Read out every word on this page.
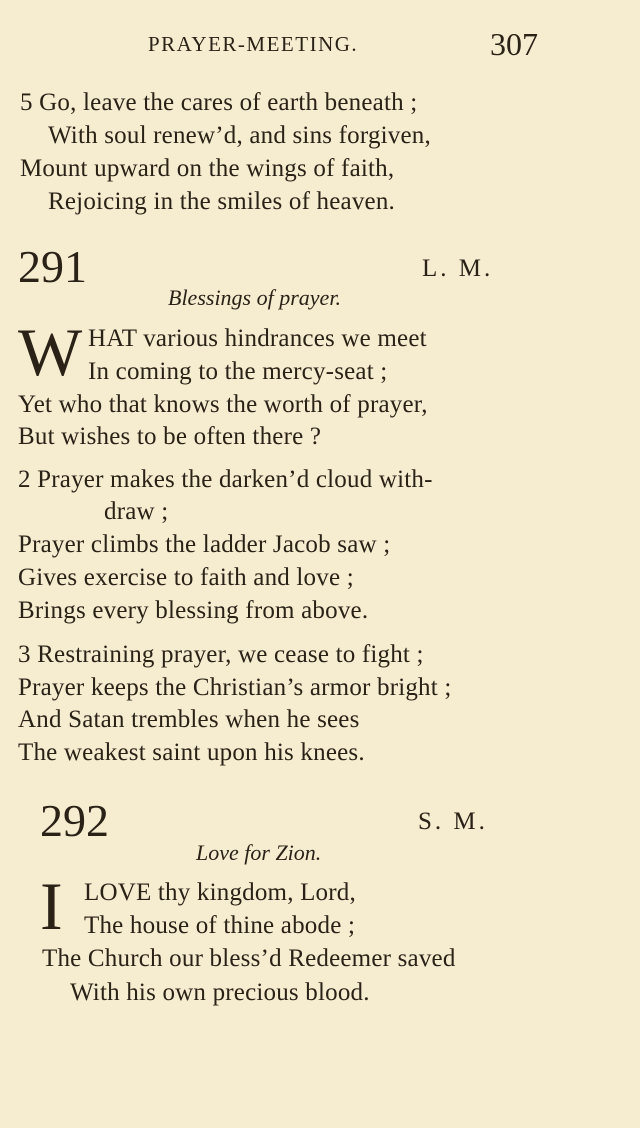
PRAYER-MEETING.	307
5 Go, leave the cares of earth beneath ;
With soul renew’d, and sins forgiven,
Mount upward on the wings of faith,
Rejoicing in the smiles of heaven.
291	L. M.
Blessings of prayer.
W HAT various hindrances we meet
In coming to the mercy-seat ;
Yet who that knows the worth of prayer,
But wishes to be often there ?
2 Prayer makes the darken’d cloud with-
draw ;
Prayer climbs the ladder Jacob saw ;
Gives exercise to faith and love ;
Brings every blessing from above.
3 Restraining prayer, we cease to fight ;
Prayer keeps the Christian’s armor bright ;
And Satan trembles when he sees
The weakest saint upon his knees.
292	S. M.
Love for Zion.
I LOVE thy kingdom, Lord,
The house of thine abode ;
The Church our bless’d Redeemer saved
With his own precious blood.
